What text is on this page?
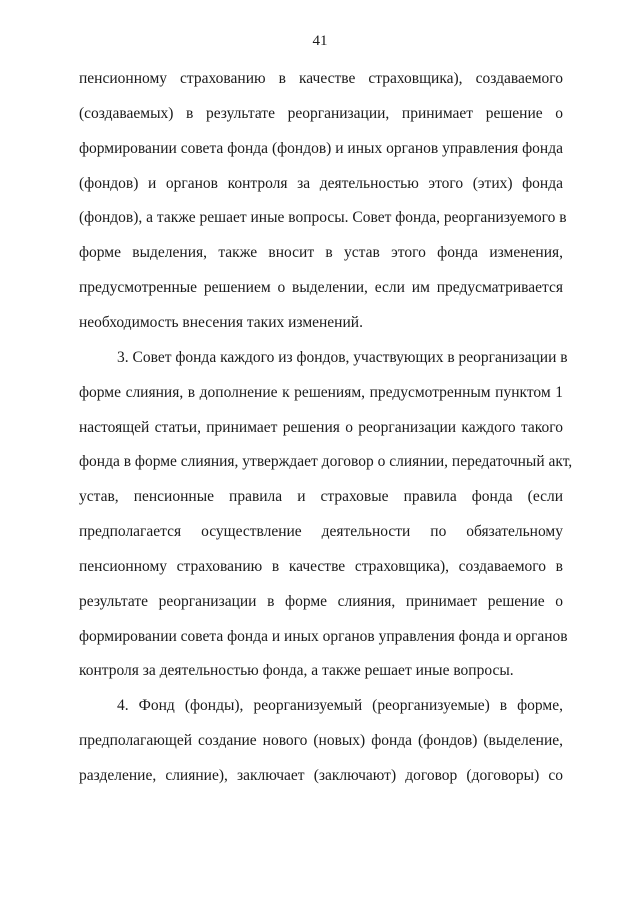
41
пенсионному страхованию в качестве страховщика), создаваемого
(создаваемых) в результате реорганизации, принимает решение о
формировании совета фонда (фондов) и иных органов управления фонда
(фондов) и органов контроля за деятельностью этого (этих) фонда
(фондов), а также решает иные вопросы. Совет фонда, реорганизуемого в
форме выделения, также вносит в устав этого фонда изменения,
предусмотренные решением о выделении, если им предусматривается
необходимость внесения таких изменений.
3. Совет фонда каждого из фондов, участвующих в реорганизации в
форме слияния, в дополнение к решениям, предусмотренным пунктом 1
настоящей статьи, принимает решения о реорганизации каждого такого
фонда в форме слияния, утверждает договор о слиянии, передаточный акт,
устав, пенсионные правила и страховые правила фонда (если
предполагается осуществление деятельности по обязательному
пенсионному страхованию в качестве страховщика), создаваемого в
результате реорганизации в форме слияния, принимает решение о
формировании совета фонда и иных органов управления фонда и органов
контроля за деятельностью фонда, а также решает иные вопросы.
4. Фонд (фонды), реорганизуемый (реорганизуемые) в форме,
предполагающей создание нового (новых) фонда (фондов) (выделение,
разделение, слияние), заключает (заключают) договор (договоры) со
